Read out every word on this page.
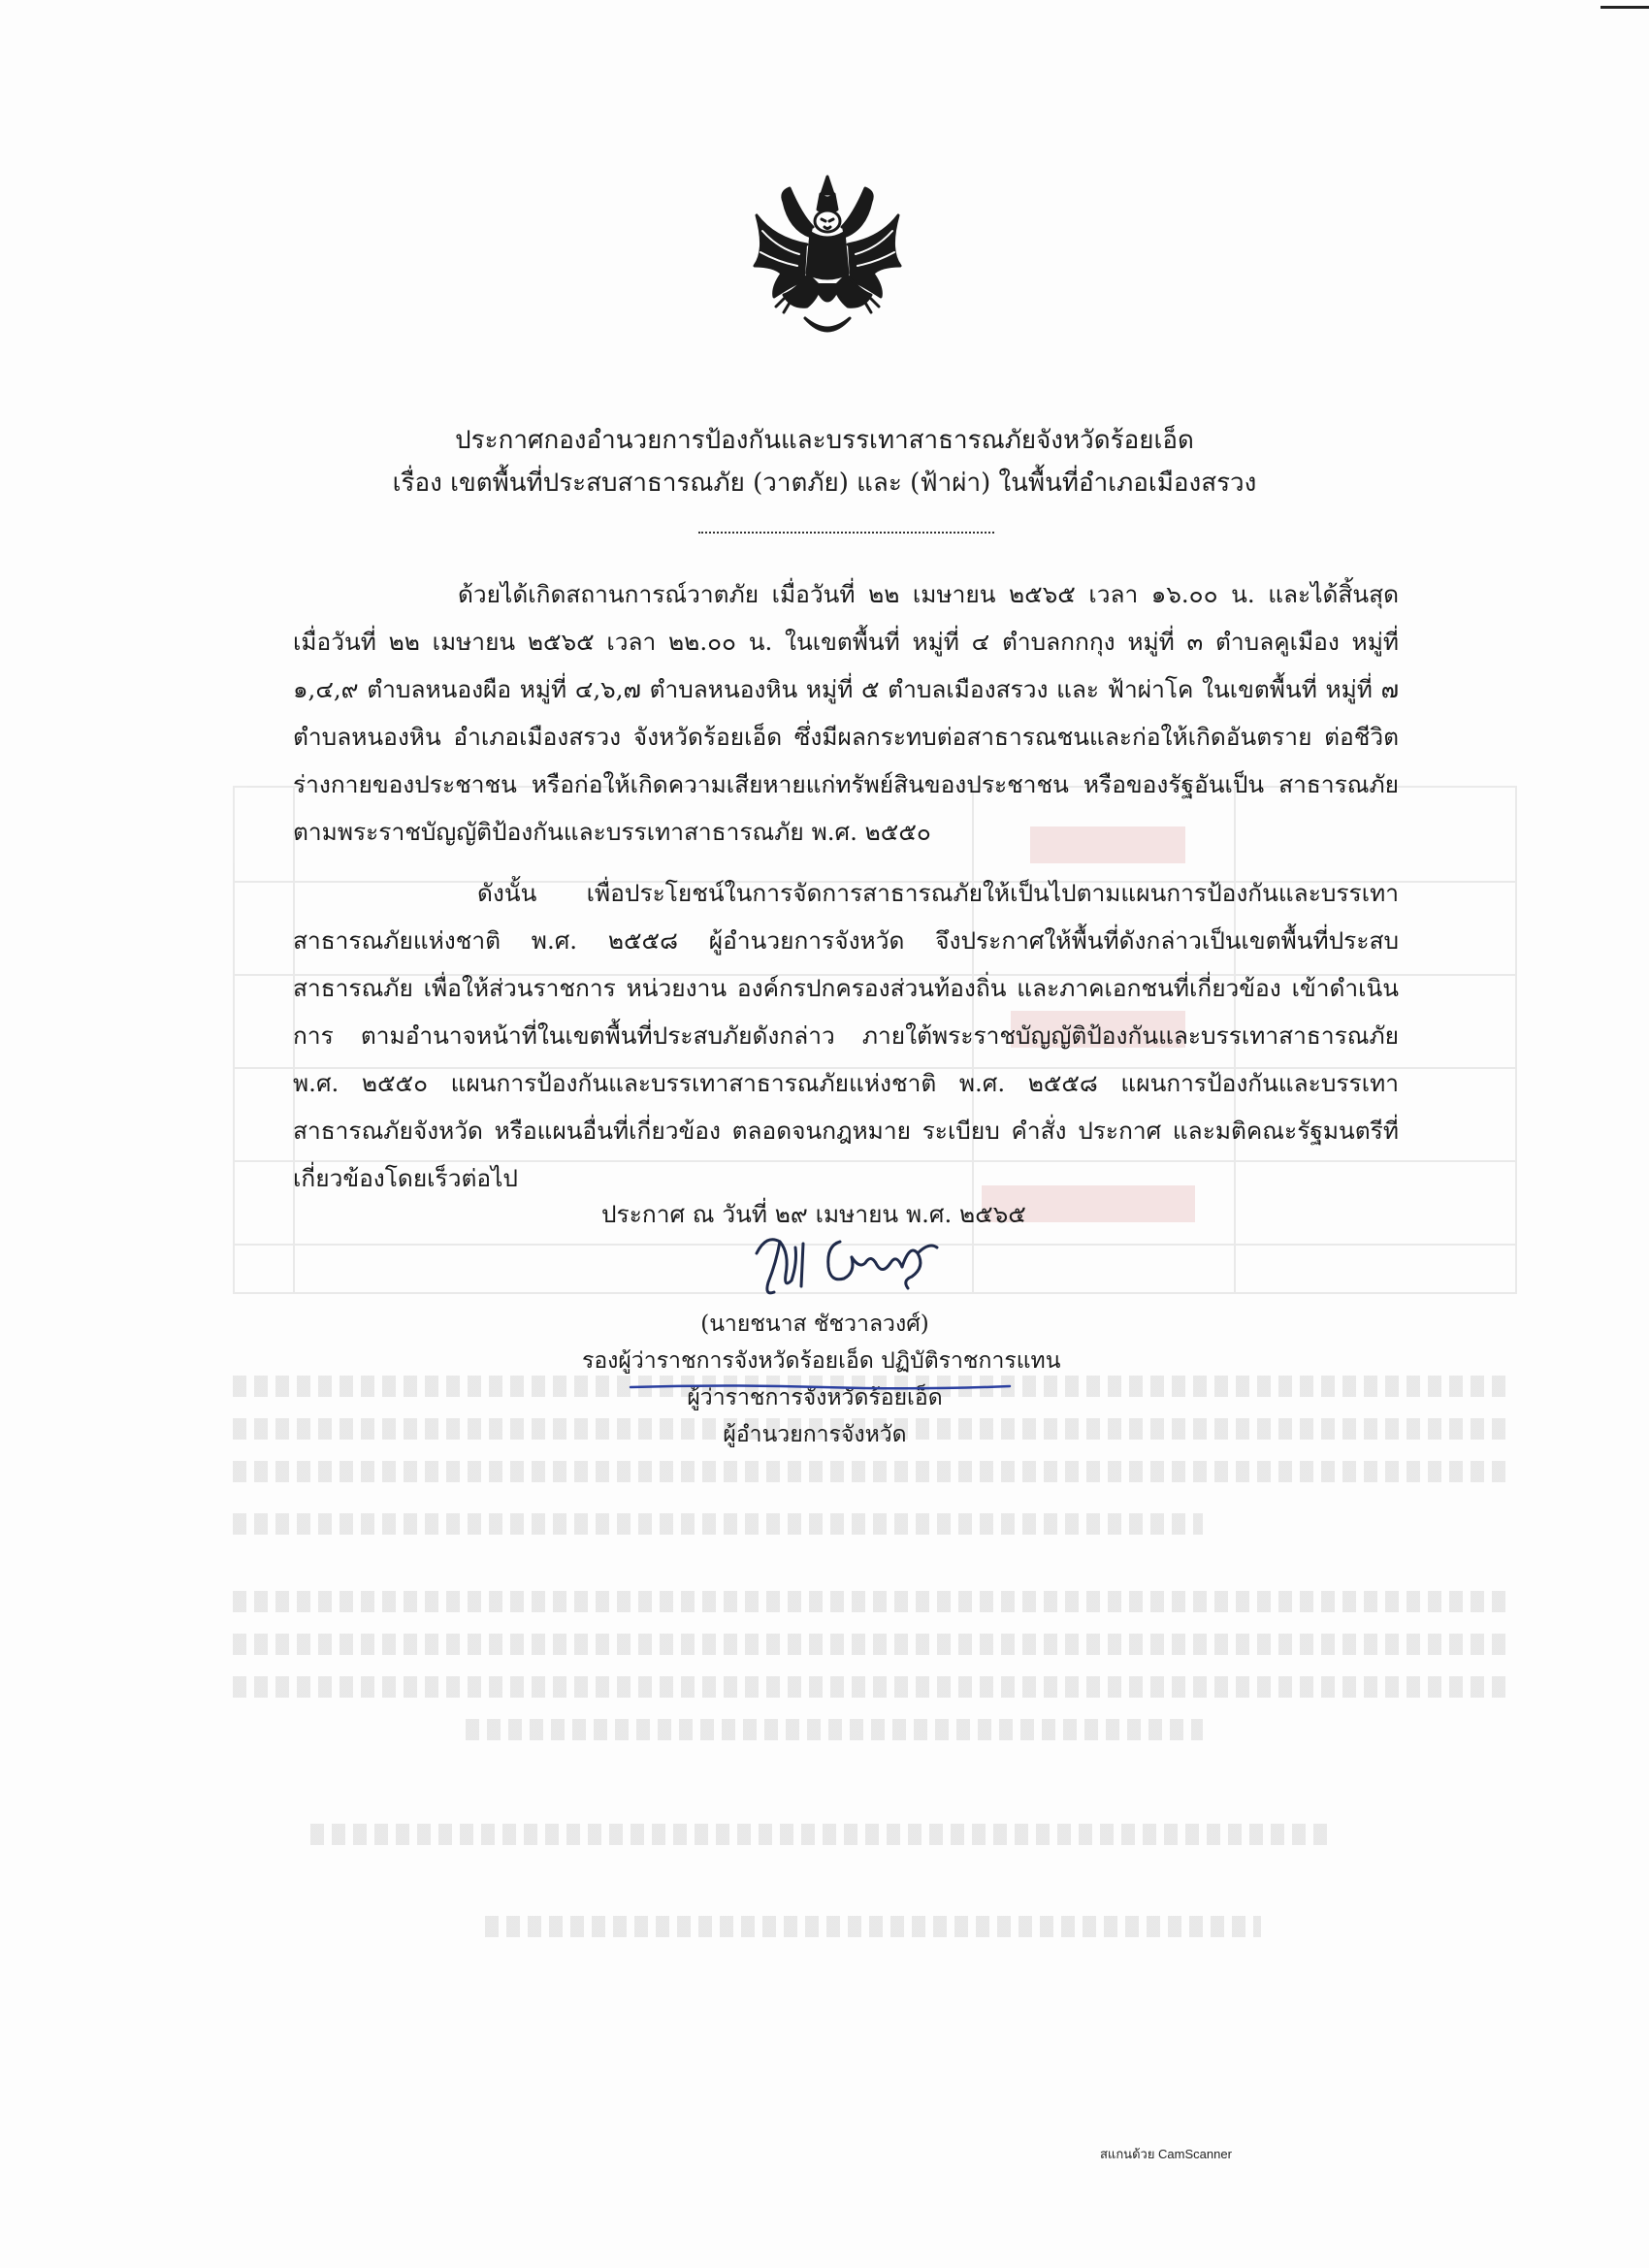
ประกาศกองอำนวยการป้องกันและบรรเทาสาธารณภัยจังหวัดร้อยเอ็ด
เรื่อง เขตพื้นที่ประสบสาธารณภัย (วาตภัย) และ (ฟ้าผ่า) ในพื้นที่อำเภอเมืองสรวง

ด้วยได้เกิดสถานการณ์วาตภัย เมื่อวันที่ ๒๒ เมษายน ๒๕๖๕ เวลา ๑๖.๐๐ น. และได้สิ้นสุด เมื่อวันที่ ๒๒ เมษายน ๒๕๖๕ เวลา ๒๒.๐๐ น. ในเขตพื้นที่ หมู่ที่ ๔ ตำบลกกกุง หมู่ที่ ๓ ตำบลคูเมือง หมู่ที่ ๑,๔,๙ ตำบลหนองผือ หมู่ที่ ๔,๖,๗ ตำบลหนองหิน หมู่ที่ ๕ ตำบลเมืองสรวง และ ฟ้าผ่าโค ในเขตพื้นที่ หมู่ที่ ๗ ตำบลหนองหิน อำเภอเมืองสรวง จังหวัดร้อยเอ็ด ซึ่งมีผลกระทบต่อสาธารณชนและก่อให้เกิดอันตราย ต่อชีวิตร่างกายของประชาชน หรือก่อให้เกิดความเสียหายแก่ทรัพย์สินของประชาชน หรือของรัฐอันเป็น สาธารณภัยตามพระราชบัญญัติป้องกันและบรรเทาสาธารณภัย พ.ศ. ๒๕๕๐

ดังนั้น เพื่อประโยชน์ในการจัดการสาธารณภัยให้เป็นไปตามแผนการป้องกันและบรรเทา สาธารณภัยแห่งชาติ พ.ศ. ๒๕๕๘ ผู้อำนวยการจังหวัด จึงประกาศให้พื้นที่ดังกล่าวเป็นเขตพื้นที่ประสบสาธารณภัย เพื่อให้ส่วนราชการ หน่วยงาน องค์กรปกครองส่วนท้องถิ่น และภาคเอกชนที่เกี่ยวข้อง เข้าดำเนินการ ตามอำนาจหน้าที่ในเขตพื้นที่ประสบภัยดังกล่าว ภายใต้พระราชบัญญัติป้องกันและบรรเทาสาธารณภัย พ.ศ. ๒๕๕๐ แผนการป้องกันและบรรเทาสาธารณภัยแห่งชาติ พ.ศ. ๒๕๕๘ แผนการป้องกันและบรรเทาสาธารณภัยจังหวัด หรือแผนอื่นที่เกี่ยวข้อง ตลอดจนกฎหมาย ระเบียบ คำสั่ง ประกาศ และมติคณะรัฐมนตรีที่เกี่ยวข้องโดยเร็วต่อไป

ประกาศ ณ วันที่ ๒๙ เมษายน พ.ศ. ๒๕๖๕
(นายชนาส ชัชวาลวงศ์)
รองผู้ว่าราชการจังหวัดร้อยเอ็ด ปฏิบัติราชการแทน
ผู้ว่าราชการจังหวัดร้อยเอ็ด
ผู้อำนวยการจังหวัด
สแกนด้วย CamScanner
